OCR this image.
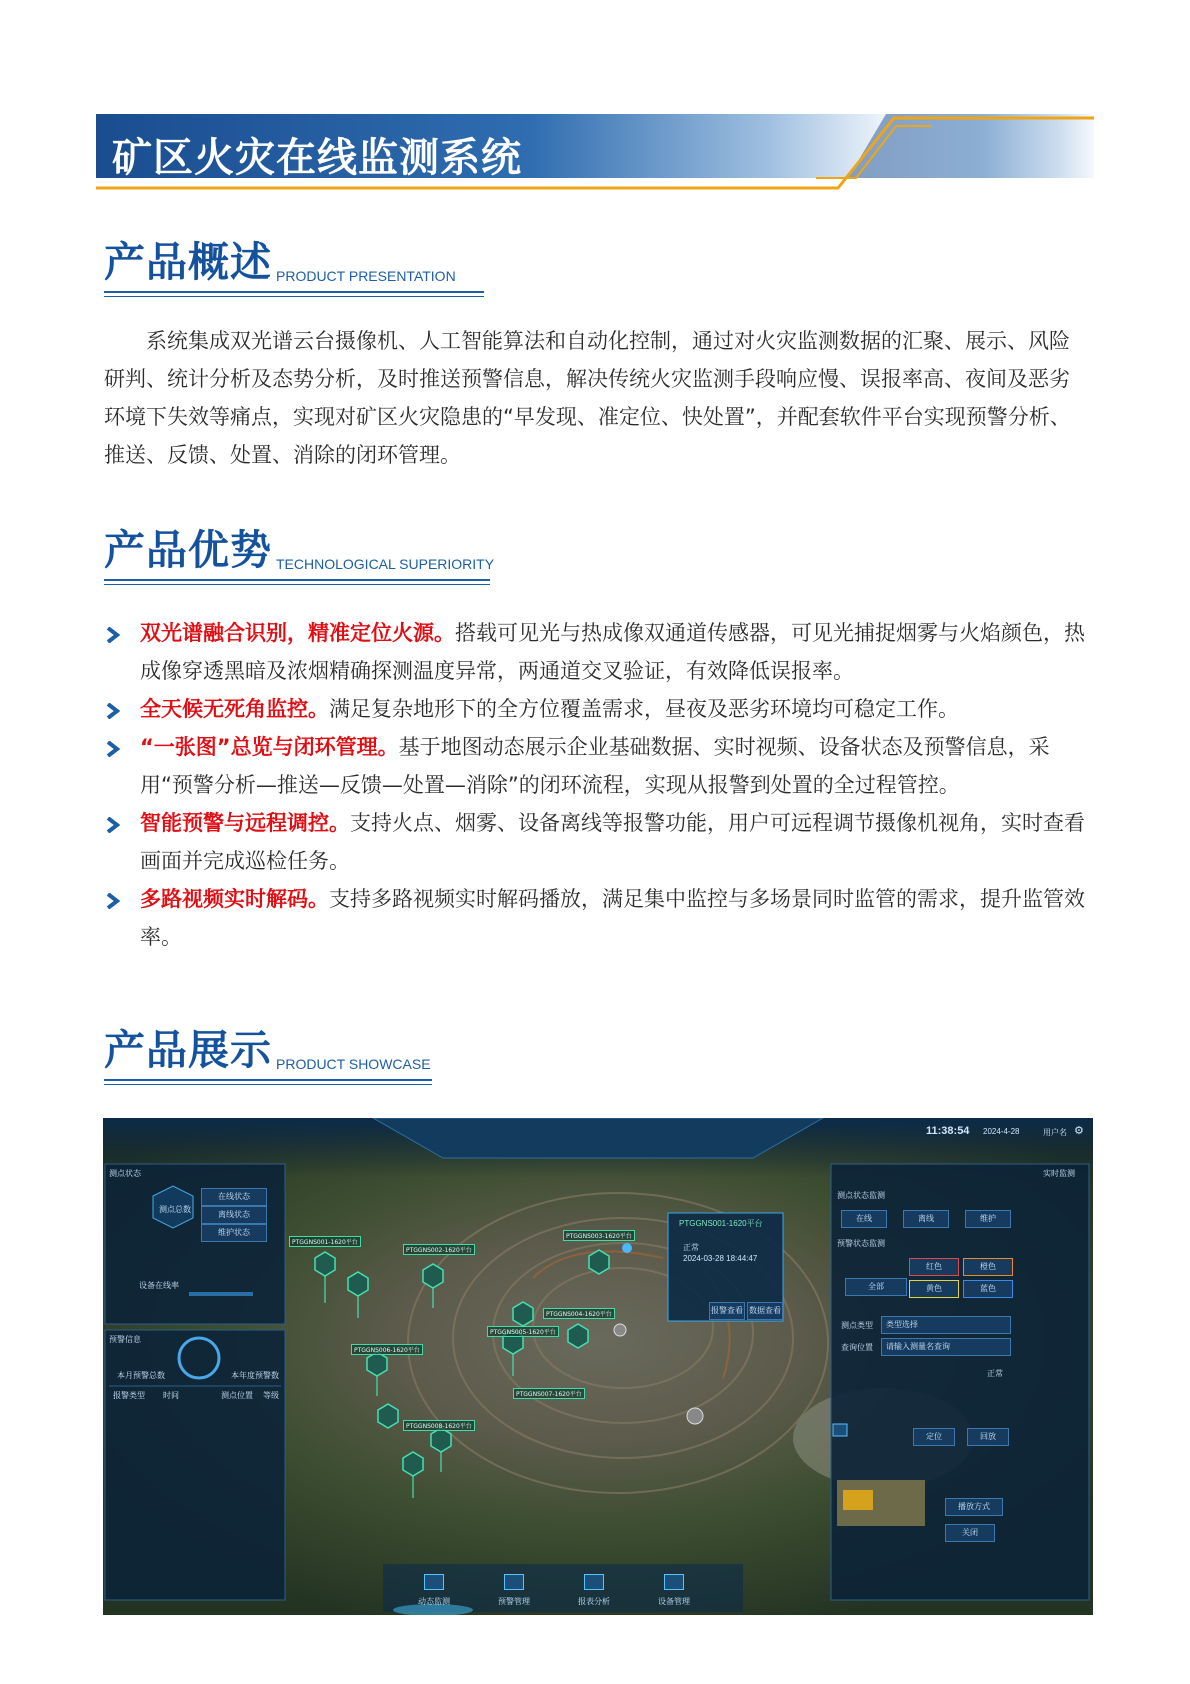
矿区火灾在线监测系统
产品概述 PRODUCT PRESENTATION

系统集成双光谱云台摄像机、人工智能算法和自动化控制，通过对火灾监测数据的汇聚、展示、风险研判、统计分析及态势分析，及时推送预警信息，解决传统火灾监测手段响应慢、误报率高、夜间及恶劣环境下失效等痛点，实现对矿区火灾隐患的“早发现、准定位、快处置”，并配套软件平台实现预警分析、推送、反馈、处置、消除的闭环管理。

产品优势 TECHNOLOGICAL SUPERIORITY
双光谱融合识别，精准定位火源。搭载可见光与热成像双通道传感器，可见光捕捉烟雾与火焰颜色，热成像穿透黑暗及浓烟精确探测温度异常，两通道交叉验证，有效降低误报率。
全天候无死角监控。满足复杂地形下的全方位覆盖需求，昼夜及恶劣环境均可稳定工作。
“一张图”总览与闭环管理。基于地图动态展示企业基础数据、实时视频、设备状态及预警信息，采用“预警分析—推送—反馈—处置—消除”的闭环流程，实现从报警到处置的全过程管控。
智能预警与远程调控。支持火点、烟雾、设备离线等报警功能，用户可远程调节摄像机视角，实时查看画面并完成巡检任务。
多路视频实时解码。支持多路视频实时解码播放，满足集中监控与多场景同时监管的需求，提升监管效率。
产品展示 PRODUCT SHOWCASE
11:38:54 2024-4-28	用户名 ⚙
测点状态
测点总数
在线状态
离线状态
维护状态
设备在线率
预警信息
本月预警总数	本年度预警数
报警类型 时间	测点位置 等级
实时监测
测点状态监测
在线	离线	维护
预警状态监测
全部
红色	橙色
黄色	蓝色
测点类型	类型选择
查询位置	请输入测量名查询
正常
定位	回放
播放方式
关闭
PTGGNS001-1620平台
正常
2024-03-28 18:44:47
报警查看 数据查看
PTGGNS001-1620平台
PTGGNS002-1620平台
PTGGNS003-1620平台
PTGGNS004-1620平台
PTGGNS005-1620平台
PTGGNS006-1620平台
PTGGNS007-1620平台
PTGGNS008-1620平台
动态监测	预警管理	报表分析	设备管理
